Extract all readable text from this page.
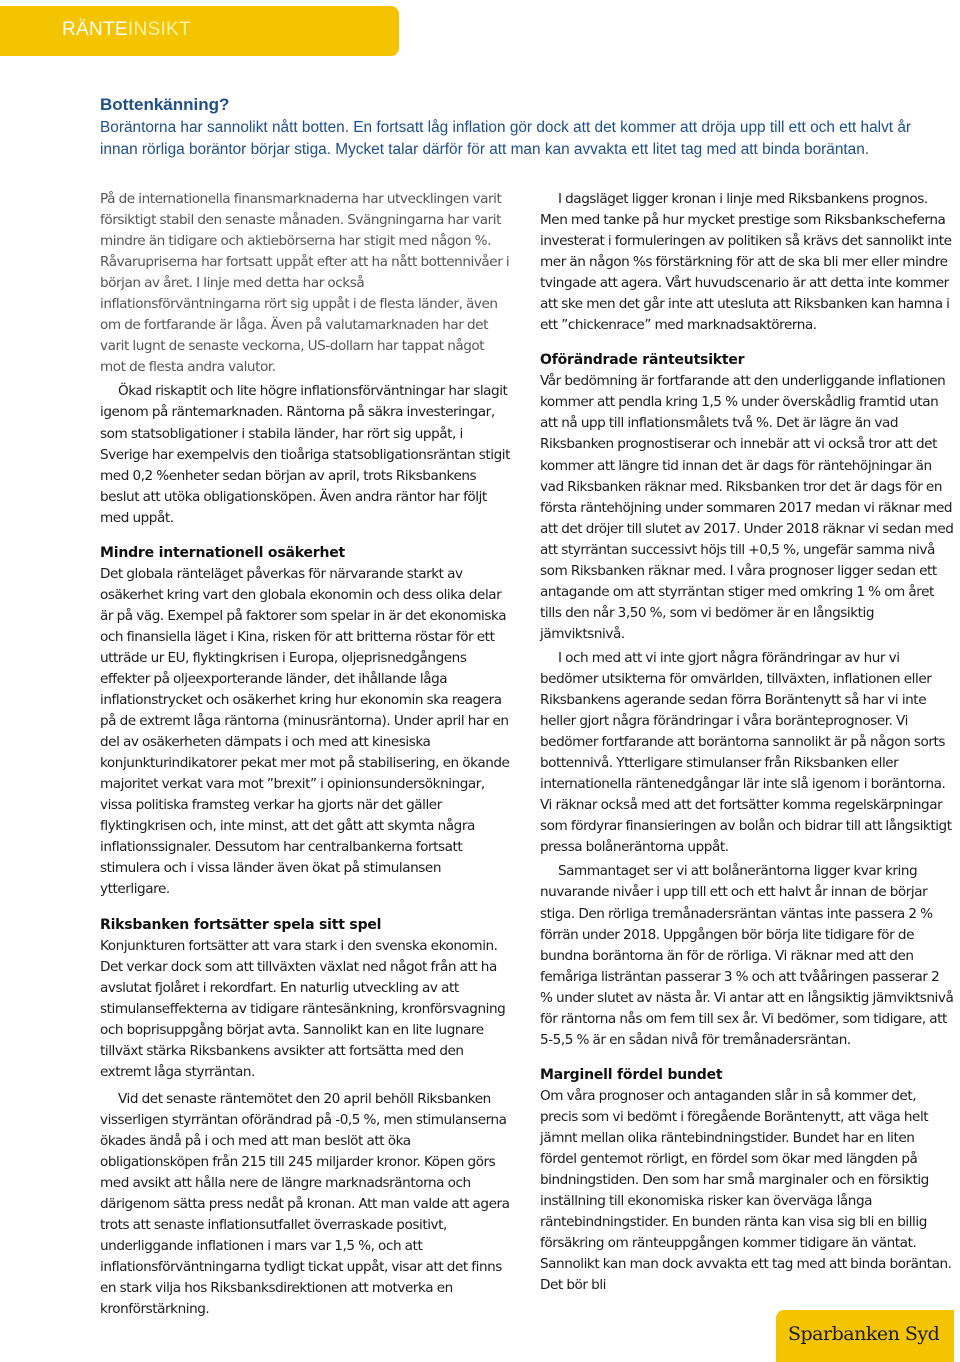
RÄNTEINSIKT
Bottenkänning?

Boräntorna har sannolikt nått botten. En fortsatt låg inflation gör dock att det kommer att dröja upp till ett och ett halvt år innan rörliga boräntor börjar stiga. Mycket talar därför för att man kan avvakta ett litet tag med att binda boräntan.

På de internationella finansmarknaderna har utvecklingen varit försiktigt stabil den senaste månaden. Svängningarna har varit mindre än tidigare och aktiebörserna har stigit med någon %. Råvarupriserna har fortsatt uppåt efter att ha nått bottennivåer i början av året. I linje med detta har också inflationsförväntningarna rört sig uppåt i de flesta länder, även om de fortfarande är låga. Även på valutamarknaden har det varit lugnt de senaste veckorna, US-dollarn har tappat något mot de flesta andra valutor.

Ökad riskaptit och lite högre inflationsförväntningar har slagit igenom på räntemarknaden. Räntorna på säkra investeringar, som statsobligationer i stabila länder, har rört sig uppåt, i Sverige har exempelvis den tioåriga statsobligationsräntan stigit med 0,2 %enheter sedan början av april, trots Riksbankens beslut att utöka obligationsköpen. Även andra räntor har följt med uppåt.

Mindre internationell osäkerhet

Det globala ränteläget påverkas för närvarande starkt av osäkerhet kring vart den globala ekonomin och dess olika delar är på väg. Exempel på faktorer som spelar in är det ekonomiska och finansiella läget i Kina, risken för att britterna röstar för ett utträde ur EU, flyktingkrisen i Europa, oljeprisnedgångens effekter på oljeexporterande länder, det ihållande låga inflationstrycket och osäkerhet kring hur ekonomin ska reagera på de extremt låga räntorna (minusräntorna). Under april har en del av osäkerheten dämpats i och med att kinesiska konjunkturindikatorer pekat mer mot på stabilisering, en ökande majoritet verkat vara mot ”brexit” i opinionsundersökningar, vissa politiska framsteg verkar ha gjorts när det gäller flyktingkrisen och, inte minst, att det gått att skymta några inflationssignaler. Dessutom har centralbankerna fortsatt stimulera och i vissa länder även ökat på stimulansen ytterligare.

Riksbanken fortsätter spela sitt spel

Konjunkturen fortsätter att vara stark i den svenska ekonomin. Det verkar dock som att tillväxten växlat ned något från att ha avslutat fjolåret i rekordfart. En naturlig utveckling av att stimulanseffekterna av tidigare räntesänkning, kronförsvagning och boprisuppgång börjat avta. Sannolikt kan en lite lugnare tillväxt stärka Riksbankens avsikter att fortsätta med den extremt låga styrräntan.

Vid det senaste räntemötet den 20 april behöll Riksbanken visserligen styrräntan oförändrad på -0,5 %, men stimulanserna ökades ändå på i och med att man beslöt att öka obligationsköpen från 215 till 245 miljarder kronor. Köpen görs med avsikt att hålla nere de längre marknadsräntorna och därigenom sätta press nedåt på kronan. Att man valde att agera trots att senaste inflationsutfallet överraskade positivt, underliggande inflationen i mars var 1,5 %, och att inflationsförväntningarna tydligt tickat uppåt, visar att det finns en stark vilja hos Riksbanksdirektionen att motverka en kronförstärkning.

I dagsläget ligger kronan i linje med Riksbankens prognos. Men med tanke på hur mycket prestige som Riksbankscheferna investerat i formuleringen av politiken så krävs det sannolikt inte mer än någon %s förstärkning för att de ska bli mer eller mindre tvingade att agera. Vårt huvudscenario är att detta inte kommer att ske men det går inte att utesluta att Riksbanken kan hamna i ett ”chickenrace” med marknadsaktörerna.

Oförändrade ränteutsikter

Vår bedömning är fortfarande att den underliggande inflationen kommer att pendla kring 1,5 % under överskådlig framtid utan att nå upp till inflationsmålets två %. Det är lägre än vad Riksbanken prognostiserar och innebär att vi också tror att det kommer att längre tid innan det är dags för räntehöjningar än vad Riksbanken räknar med. Riksbanken tror det är dags för en första räntehöjning under sommaren 2017 medan vi räknar med att det dröjer till slutet av 2017. Under 2018 räknar vi sedan med att styrräntan successivt höjs till +0,5 %, ungefär samma nivå som Riksbanken räknar med. I våra prognoser ligger sedan ett antagande om att styrräntan stiger med omkring 1 % om året tills den når 3,50 %, som vi bedömer är en långsiktig jämviktsnivå.

I och med att vi inte gjort några förändringar av hur vi bedömer utsikterna för omvärlden, tillväxten, inflationen eller Riksbankens agerande sedan förra Boräntenytt så har vi inte heller gjort några förändringar i våra boränteprognoser. Vi bedömer fortfarande att boräntorna sannolikt är på någon sorts bottennivå. Ytterligare stimulanser från Riksbanken eller internationella räntenedgångar lär inte slå igenom i boräntorna. Vi räknar också med att det fortsätter komma regelskärpningar som fördyrar finansieringen av bolån och bidrar till att långsiktigt pressa bolåneräntorna uppåt.

Sammantaget ser vi att bolåneräntorna ligger kvar kring nuvarande nivåer i upp till ett och ett halvt år innan de börjar stiga. Den rörliga tremånadersräntan väntas inte passera 2 % förrän under 2018. Uppgången bör börja lite tidigare för de bundna boräntorna än för de rörliga. Vi räknar med att den femåriga listräntan passerar 3 % och att tvååringen passerar 2 % under slutet av nästa år. Vi antar att en långsiktig jämviktsnivå för räntorna nås om fem till sex år. Vi bedömer, som tidigare, att 5-5,5 % är en sådan nivå för tremånadersräntan.

Marginell fördel bundet

Om våra prognoser och antaganden slår in så kommer det, precis som vi bedömt i föregående Boräntenytt, att väga helt jämnt mellan olika räntebindningstider. Bundet har en liten fördel gentemot rörligt, en fördel som ökar med längden på bindningstiden. Den som har små marginaler och en försiktig inställning till ekonomiska risker kan överväga långa räntebindningstider. En bunden ränta kan visa sig bli en billig försäkring om ränteuppgången kommer tidigare än väntat. Sannolikt kan man dock avvakta ett tag med att binda boräntan. Det bör bli

Sparbanken Syd
